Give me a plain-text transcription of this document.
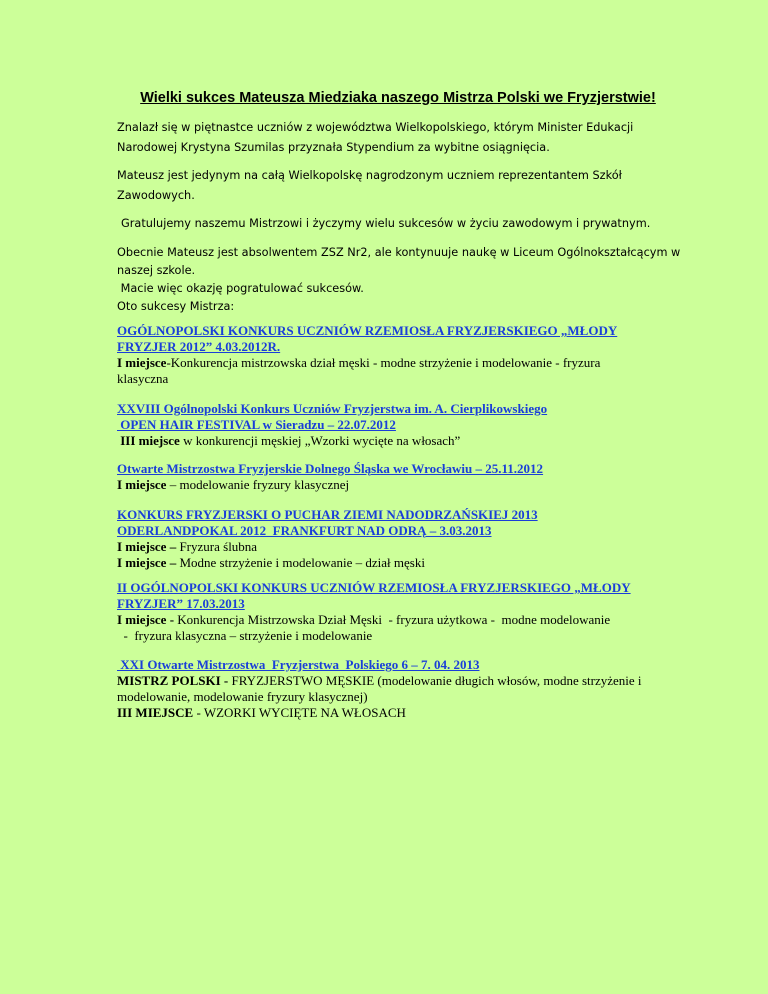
Wielki sukces Mateusza Miedziaka naszego Mistrza Polski we Fryzjerstwie!
Znalazł się w piętnastce uczniów z województwa Wielkopolskiego, którym Minister Edukacji
Narodowej Krystyna Szumilas przyznała Stypendium za wybitne osiągnięcia.
Mateusz jest jedynym na całą Wielkopolskę nagrodzonym uczniem reprezentantem Szkół
Zawodowych.
Gratulujemy naszemu Mistrzowi i życzymy wielu sukcesów w życiu zawodowym i prywatnym.
Obecnie Mateusz jest absolwentem ZSZ Nr2, ale kontynuuje naukę w Liceum Ogólnokształcącym w
naszej szkole.
Macie więc okazję pogratulować sukcesów.
Oto sukcesy Mistrza:
OGÓLNOPOLSKI KONKURS UCZNIÓW RZEMIOSŁA FRYZJERSKIEGO „MŁODY
FRYZJER 2012” 4.03.2012R.
I miejsce-Konkurencja mistrzowska dział męski - modne strzyżenie i modelowanie - fryzura
klasyczna
XXVIII Ogólnopolski Konkurs Uczniów Fryzjerstwa im. A. Cierplikowskiego
OPEN HAIR FESTIVAL w Sieradzu – 22.07.2012
III miejsce w konkurencji męskiej „Wzorki wycięte na włosach”
Otwarte Mistrzostwa Fryzjerskie Dolnego Śląska we Wrocławiu – 25.11.2012
I miejsce – modelowanie fryzury klasycznej
KONKURS FRYZJERSKI O PUCHAR ZIEMI NADODRZAŃSKIEJ 2013
ODERLANDPOKAL 2012  FRANKFURT NAD ODRĄ – 3.03.2013
I miejsce – Fryzura ślubna
I miejsce – Modne strzyżenie i modelowanie – dział męski
II OGÓLNOPOLSKI KONKURS UCZNIÓW RZEMIOSŁA FRYZJERSKIEGO „MŁODY
FRYZJER” 17.03.2013
I miejsce - Konkurencja Mistrzowska Dział Męski  - fryzura użytkowa -  modne modelowanie
-  fryzura klasyczna – strzyżenie i modelowanie
XXI Otwarte Mistrzostwa  Fryzjerstwa  Polskiego 6 – 7. 04. 2013
MISTRZ POLSKI - FRYZJERSTWO MĘSKIE (modelowanie długich włosów, modne strzyżenie i
modelowanie, modelowanie fryzury klasycznej)
III MIEJSCE - WZORKI WYCIĘTE NA WŁOSACH
